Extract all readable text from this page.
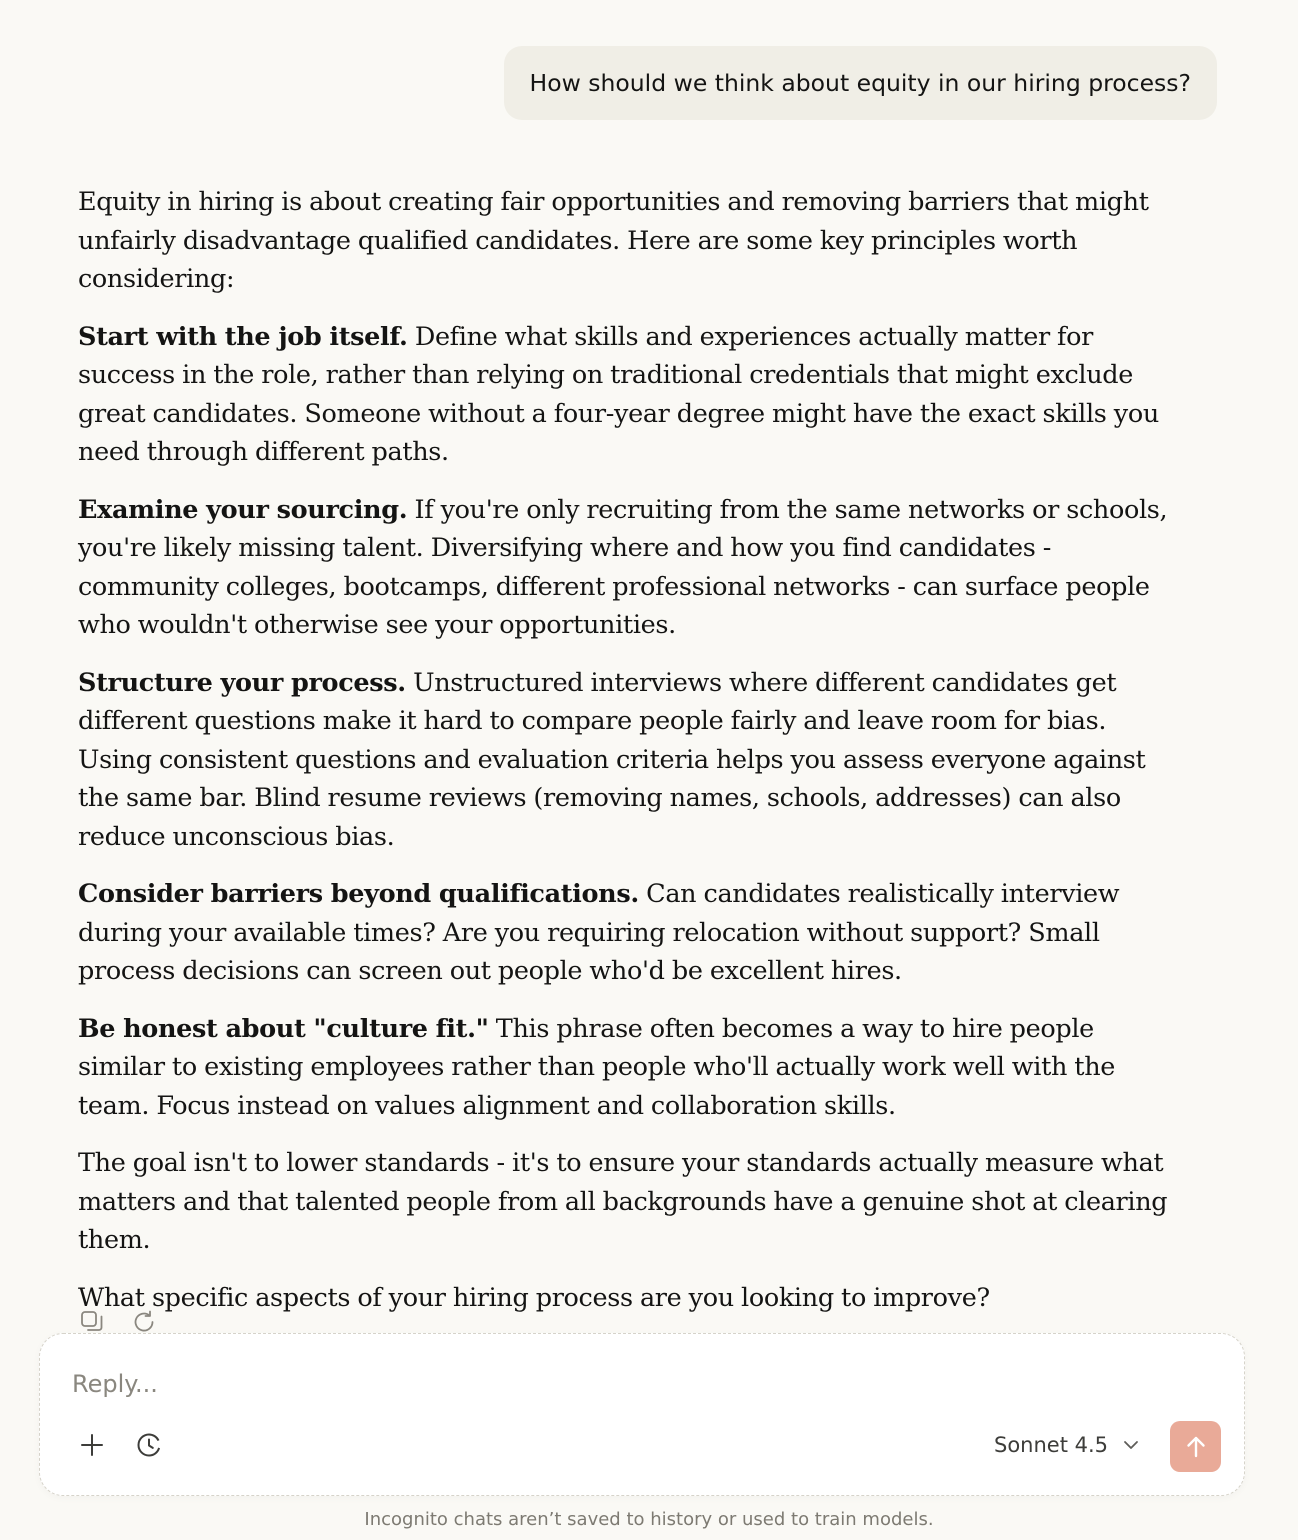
How should we think about equity in our hiring process?

Equity in hiring is about creating fair opportunities and removing barriers that might unfairly disadvantage qualified candidates. Here are some key principles worth considering:

Start with the job itself. Define what skills and experiences actually matter for success in the role, rather than relying on traditional credentials that might exclude great candidates. Someone without a four-year degree might have the exact skills you need through different paths.

Examine your sourcing. If you're only recruiting from the same networks or schools, you're likely missing talent. Diversifying where and how you find candidates - community colleges, bootcamps, different professional networks - can surface people who wouldn't otherwise see your opportunities.

Structure your process. Unstructured interviews where different candidates get different questions make it hard to compare people fairly and leave room for bias. Using consistent questions and evaluation criteria helps you assess everyone against the same bar. Blind resume reviews (removing names, schools, addresses) can also reduce unconscious bias.

Consider barriers beyond qualifications. Can candidates realistically interview during your available times? Are you requiring relocation without support? Small process decisions can screen out people who'd be excellent hires.

Be honest about "culture fit." This phrase often becomes a way to hire people similar to existing employees rather than people who'll actually work well with the team. Focus instead on values alignment and collaboration skills.

The goal isn't to lower standards - it's to ensure your standards actually measure what matters and that talented people from all backgrounds have a genuine shot at clearing them.

What specific aspects of your hiring process are you looking to improve?

Reply...
Sonnet 4.5
Incognito chats aren’t saved to history or used to train models.
